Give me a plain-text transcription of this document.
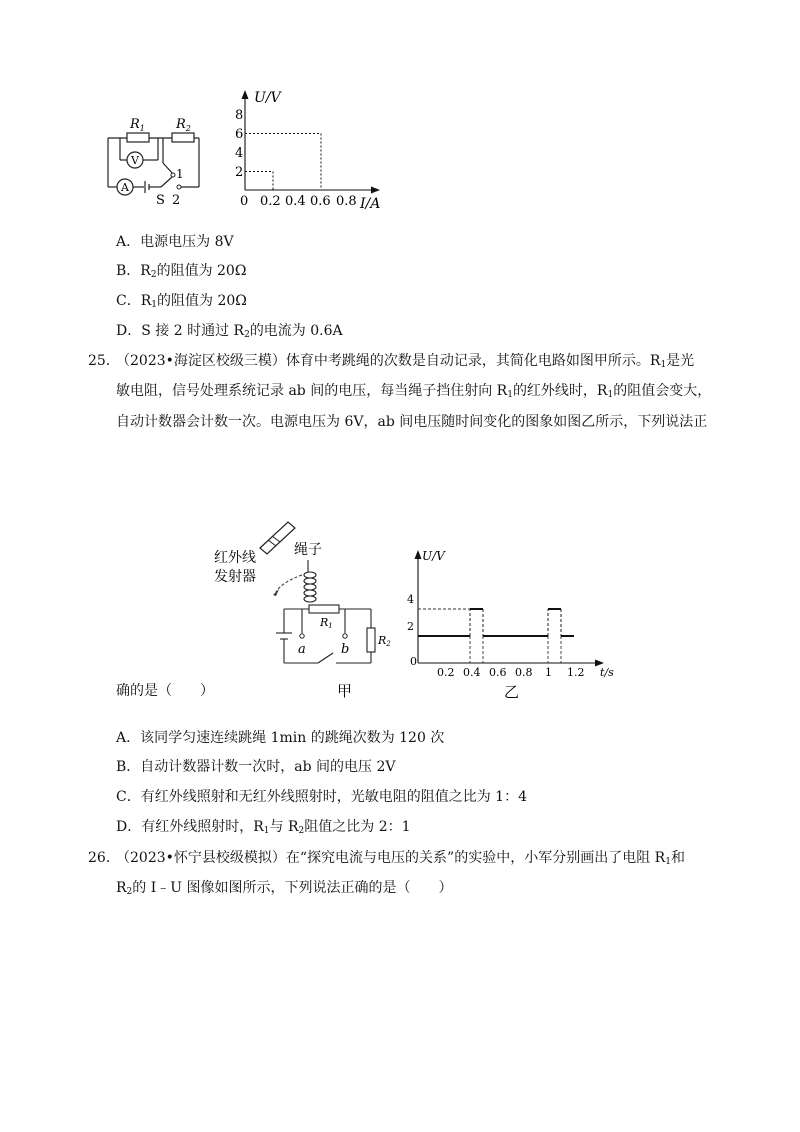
$R_1$ $R_2$
V
A
S
1
2
U/V
8
6
4
2
0 0.2 0.4 0.6 0.8 I/A
A．电源电压为 8V
B．$R_2$的阻值为 20Ω
C．$R_1$的阻值为 20Ω
D．S 接 2 时通过 $R_2$的电流为 0.6A
25．
（2023•海淀区校级三模）体育中考跳绳的次数是自动记录，其简化电路如图甲所示。$R_1$是光
敏电阻，信号处理系统记录 ab 间的电压，每当绳子挡住射向 $R_1$的红外线时，$R_1$的阻值会变大，
自动计数器会计数一次。电源电压为 6V，ab 间电压随时间变化的图象如图乙所示，下列说法正
红外线
发射器
绳子
R1
R2
a	b
甲
U/V
4
2
0
0.2 0.4 0.6 0.8 1 1.2 t/s
乙
确的是（　　）
A．该同学匀速连续跳绳 1min 的跳绳次数为 120 次
B．自动计数器计数一次时，ab 间的电压 2V
C．有红外线照射和无红外线照射时，光敏电阻的阻值之比为 1：4
D．有红外线照射时，$R_1$与 $R_2$阻值之比为 2：1
26．
（2023•怀宁县校级模拟）在“探究电流与电压的关系”的实验中，小军分别画出了电阻 $R_1$和
$R_2$的 I﹣U 图像如图所示，下列说法正确的是（　　）
